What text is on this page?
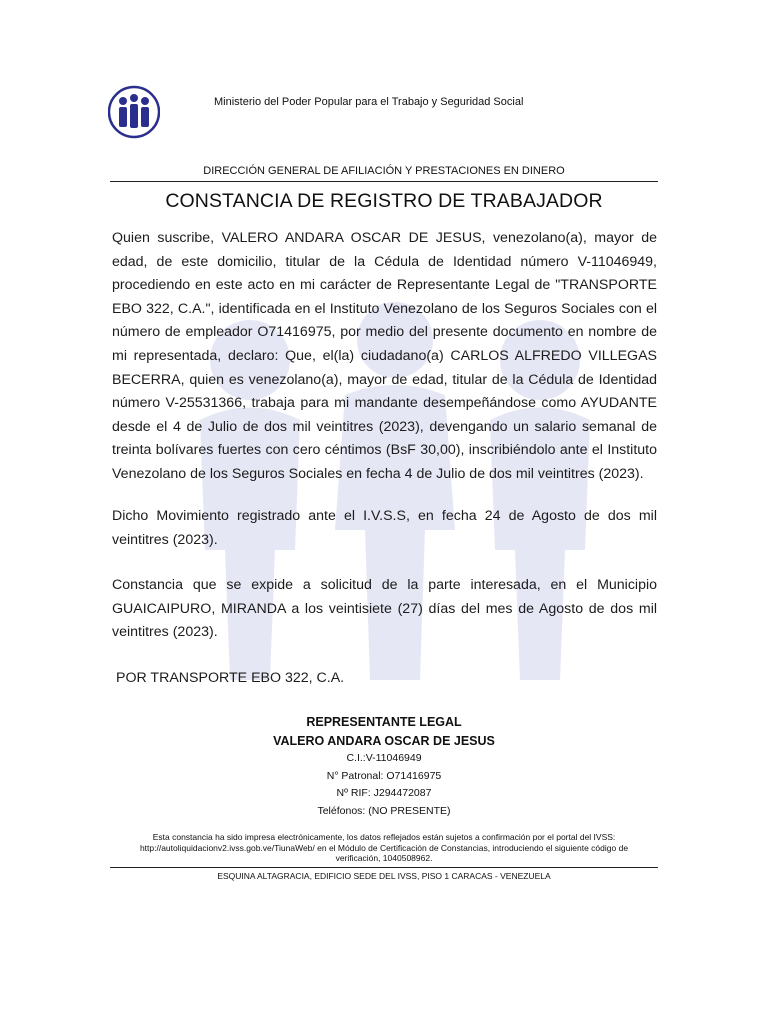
Ministerio del Poder Popular para el Trabajo y Seguridad Social
DIRECCIÓN GENERAL DE AFILIACIÓN Y PRESTACIONES EN DINERO
CONSTANCIA DE REGISTRO DE TRABAJADOR
Quien suscribe, VALERO ANDARA OSCAR DE JESUS, venezolano(a), mayor de edad, de este domicilio, titular de la Cédula de Identidad número V-11046949, procediendo en este acto en mi carácter de Representante Legal de "TRANSPORTE EBO 322, C.A.", identificada en el Instituto Venezolano de los Seguros Sociales con el número de empleador O71416975, por medio del presente documento en nombre de mi representada, declaro: Que, el(la) ciudadano(a) CARLOS ALFREDO VILLEGAS BECERRA, quien es venezolano(a), mayor de edad, titular de la Cédula de Identidad número V-25531366, trabaja para mi mandante desempeñándose como AYUDANTE desde el 4 de Julio de dos mil veintitres (2023), devengando un salario semanal de treinta bolívares fuertes con cero céntimos (BsF 30,00), inscribiéndolo ante el Instituto Venezolano de los Seguros Sociales en fecha 4 de Julio de dos mil veintitres (2023).
Dicho Movimiento registrado ante el I.V.S.S, en fecha 24 de Agosto de dos mil veintitres (2023).
Constancia que se expide a solicitud de la parte interesada, en el Municipio GUAICAIPURO, MIRANDA a los veintisiete (27) días del mes de Agosto de dos mil veintitres (2023).
POR TRANSPORTE EBO 322, C.A.
REPRESENTANTE LEGAL
VALERO ANDARA OSCAR DE JESUS
C.I.:V-11046949
N° Patronal: O71416975
Nº RIF: J294472087
Teléfonos: (NO PRESENTE)
Esta constancia ha sido impresa electrónicamente, los datos reflejados están sujetos a confirmación por el portal del IVSS:
http://autoliquidacionv2.ivss.gob.ve/TiunaWeb/ en el Módulo de Certificación de Constancias, introduciendo el siguiente código de
verificación, 1040508962.
ESQUINA ALTAGRACIA, EDIFICIO SEDE DEL IVSS, PISO 1 CARACAS - VENEZUELA
